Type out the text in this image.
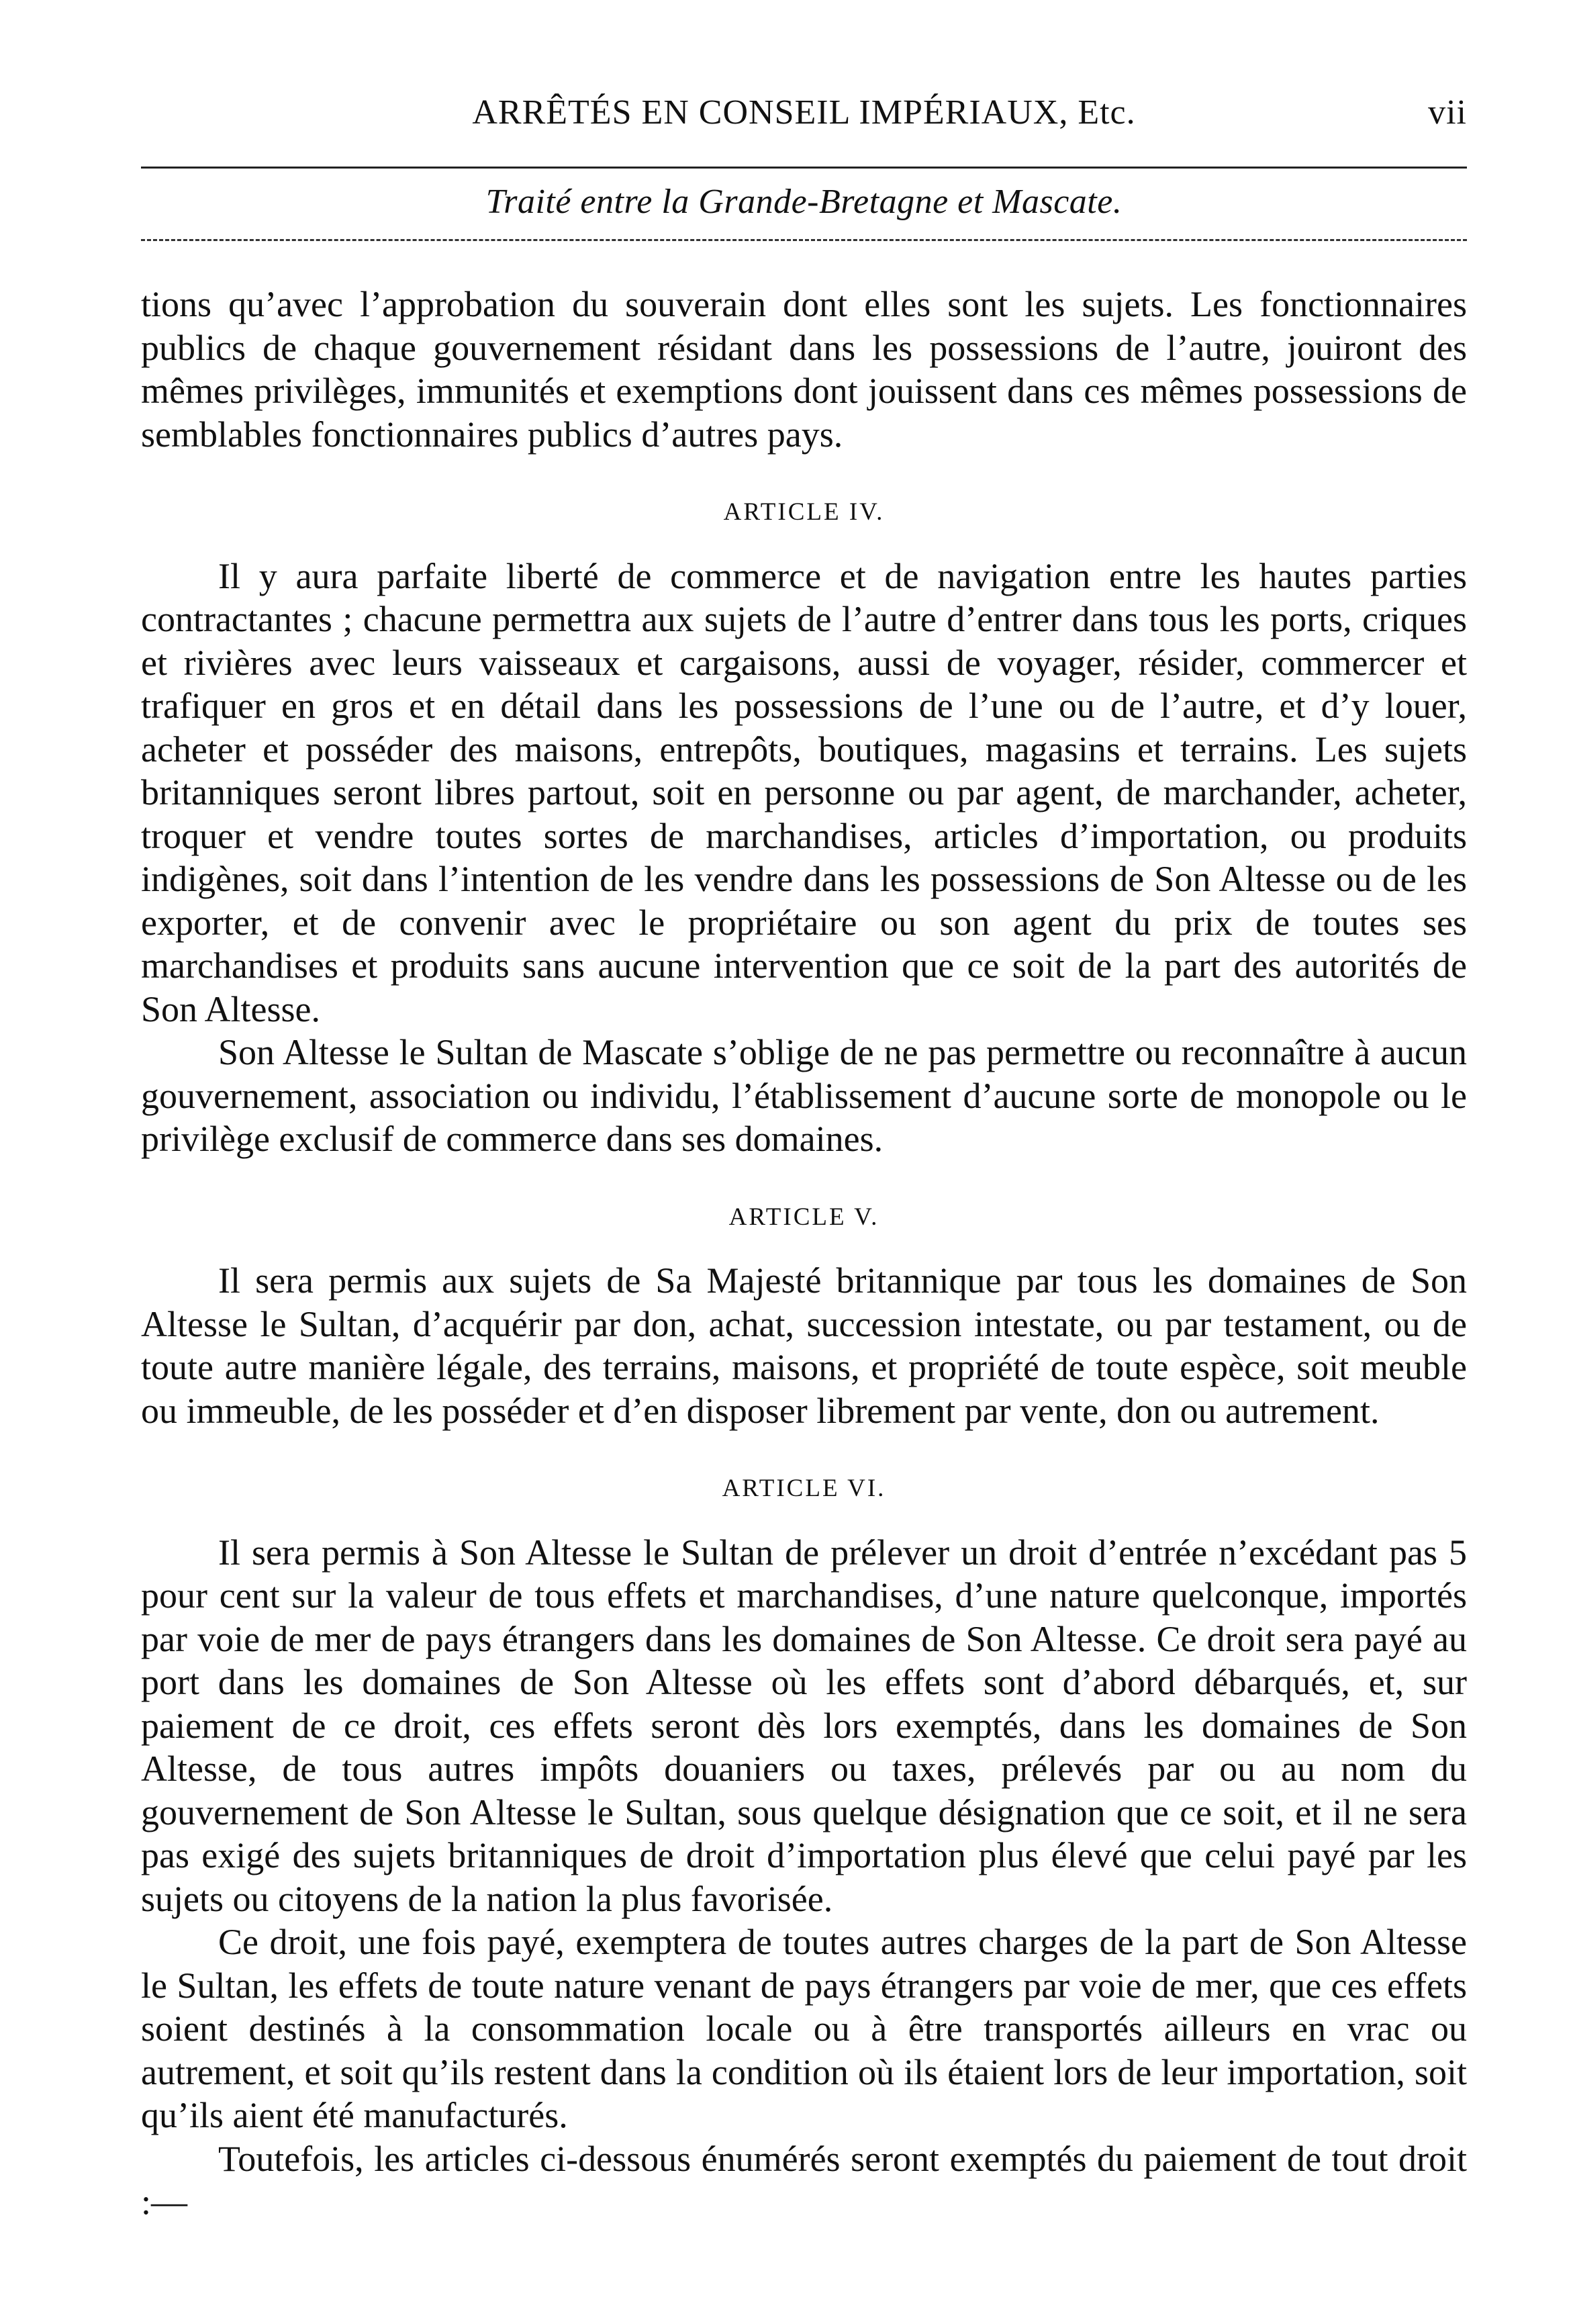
ARRÊTÉS EN CONSEIL IMPÉRIAUX, Etc.	vii
Traité entre la Grande-Bretagne et Mascate.

tions qu’avec l’approbation du souverain dont elles sont les sujets. Les fonctionnaires publics de chaque gouvernement résidant dans les possessions de l’autre, jouiront des mêmes privilèges, immunités et exemptions dont jouissent dans ces mêmes possessions de semblables fonctionnaires publics d’autres pays.

ARTICLE IV.

Il y aura parfaite liberté de commerce et de navigation entre les hautes parties contractantes ; chacune permettra aux sujets de l’autre d’entrer dans tous les ports, criques et rivières avec leurs vaisseaux et cargaisons, aussi de voyager, résider, commercer et trafiquer en gros et en détail dans les possessions de l’une ou de l’autre, et d’y louer, acheter et posséder des maisons, entrepôts, boutiques, magasins et terrains. Les sujets britanniques seront libres partout, soit en personne ou par agent, de marchander, acheter, troquer et vendre toutes sortes de marchandises, articles d’importation, ou produits indigènes, soit dans l’intention de les vendre dans les possessions de Son Altesse ou de les exporter, et de convenir avec le propriétaire ou son agent du prix de toutes ses marchandises et produits sans aucune intervention que ce soit de la part des autorités de Son Altesse.

Son Altesse le Sultan de Mascate s’oblige de ne pas permettre ou reconnaître à aucun gouvernement, association ou individu, l’établissement d’aucune sorte de monopole ou le privilège exclusif de commerce dans ses domaines.

ARTICLE V.

Il sera permis aux sujets de Sa Majesté britannique par tous les domaines de Son Altesse le Sultan, d’acquérir par don, achat, succession intestate, ou par testament, ou de toute autre manière légale, des terrains, maisons, et propriété de toute espèce, soit meuble ou immeuble, de les posséder et d’en disposer librement par vente, don ou autrement.

ARTICLE VI.

Il sera permis à Son Altesse le Sultan de prélever un droit d’entrée n’excédant pas 5 pour cent sur la valeur de tous effets et marchandises, d’une nature quelconque, importés par voie de mer de pays étrangers dans les domaines de Son Altesse. Ce droit sera payé au port dans les domaines de Son Altesse où les effets sont d’abord débarqués, et, sur paiement de ce droit, ces effets seront dès lors exemptés, dans les domaines de Son Altesse, de tous autres impôts douaniers ou taxes, prélevés par ou au nom du gouvernement de Son Altesse le Sultan, sous quelque désignation que ce soit, et il ne sera pas exigé des sujets britanniques de droit d’importation plus élevé que celui payé par les sujets ou citoyens de la nation la plus favorisée.

Ce droit, une fois payé, exemptera de toutes autres charges de la part de Son Altesse le Sultan, les effets de toute nature venant de pays étrangers par voie de mer, que ces effets soient destinés à la consommation locale ou à être transportés ailleurs en vrac ou autrement, et soit qu’ils restent dans la condition où ils étaient lors de leur importation, soit qu’ils aient été manufacturés.

Toutefois, les articles ci-dessous énumérés seront exemptés du paiement de tout droit :—
